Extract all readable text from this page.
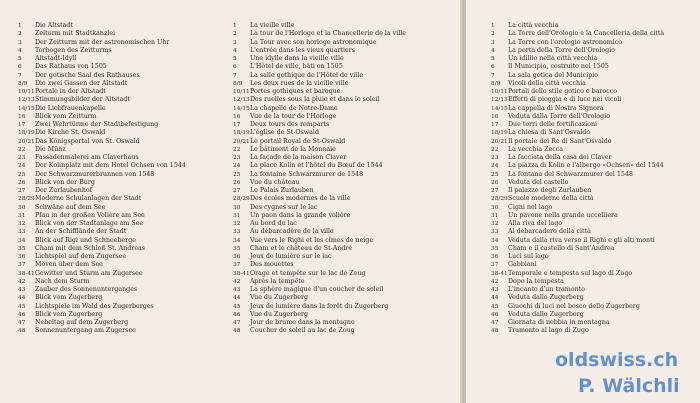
1 Die Altstadt
2 Zeiturm mit Stadtkanzlei
3 Der Zeitturm mit der astronomischen Uhr
4 Torbogen des Zeitturms
5 Altstadt-Idyll
6 Das Rathaus von 1505
7 Der gotische Saal des Rathauses
8/9 Die zwei Gassen der Altstadt
10/11Portale in der Altstadt
12/13Stimmungsbilder der Altstadt
14/15Die Liebfrauenkapelle
16 Blick vom Zeitturm
17 Zwei Wehrtürme der Stadtbefestigung
18/19Die Kirche St. Oswald
20/21Das Königsportal von St. Oswald
22 Die Münz
23 Fassadenmalerei am Claverhaus
24 Der Kolinplatz mit dem Hotel Ochsen von 1544
25 Der Schwarzmurerbrunnen von 1548
26 Blick von der Burg
27 Der Zurlaubenhof
28/29Moderne Schulanlagen der Stadt
30 Schwäne auf dem See
31 Pfau in der großen Volière am See
32 Blick von der Stadtanlage am See
33 An der Schifflände der Stadt
34 Blick auf Rigi und Schneeberge
35 Cham mit dem Schloß St. Andreas
36 Lichtspiel auf dem Zugersee
37 Möven über dem See
38-41Gewitter und Sturm am Zugersee
42 Nach dem Sturm
43 Zauber des Sonnenunterganges
44 Blick vom Zugerberg
45 Lichtspiele im Wald des Zugerberges
46 Blick vom Zugerberg
47 Nebeltag auf dem Zugerberg
48 Sonnenuntergang am Zugersee
1 La vieille ville
2 La tour de l'Horloge et la Chancellerie de la ville
3 La Tour avec son horloge astronomique
4 L'entrée dans les vieux quartiers
5 Une idylle dans la vieille ville
6 L'Hôtel de ville, bâti en 1505
7 La salle gothique de l'Hôtel de ville
8/9 Les deux rues de la vieille ville
10/11Portes gothiques et baroque
12/13Des ruelles sous la pluie et dans le soleil
14/15La chapelle de Notre-Dame
16 Vue de la tour de l'Horloge
17 Deux tours des remparts
18/19L'église de St-Oswald
20/21Le portail Royal de St-Oswald
22 Le bâtiment de la Monnaie
23 La façade de la maison Claver
24 La place Kolin et l'hôtel du Bœuf de 1544
25 La fontaine Schwarzmurer de 1548
26 Vue du château
27 Le Palais Zurlauben
28/29Des écoles modernes de la ville
30 Des cygnes sur le lac
31 Un paon dans la grande volière
32 Au bord du lac
33 Au débarcadère de la ville
34 Vue vers le Righi et les cîmes de neige
35 Cham et le château de St-André
36 Jeux de lumière sur le lac
37 Des mouettes
38-41Orage et tempête sur le lac de Zoug
42 Après la tempête
43 La sphère magique d'un coucher de soleil
44 Vue du Zugerberg
45 Jeux de lumière dans la forêt du Zugerberg
46 Vue du Zugerberg
47 Jour de brume dans la montagne
48 Coucher de soleil au lac de Zoug
1 La città vecchia
2 La Torre dell'Orologio e la Cancelleria della città
3 La Torre con l'orologio astronomico
4 La porta della Torre dell'Orologio
5 Un idillio nella città vecchia
6 Il Municipio, costruito nel 1505
7 La sala gotica del Municipio
8/9 Vicoli della città vecchia
10/11Portali dello stile gotico e barocco
12/13Effetti di pioggia e di luce nei vicoli
14/15La cappella di Nostra Signora
16 Veduta dalla Torre dell'Orologio
17 Due torri delle fortificazioni
18/19La chiesa di Sant'Osvaldo
20/21Il portale dei Re di Sant'Osvaldo
22 La vecchia Zecca
23 La facciata della casa dei Claver
24 La piazza di Kolin e l'albergo «Ochsen» del 1544
25 La fontana del Schwarzmurer del 1548
26 Veduta del castello
27 Il palazzo degli Zurlauben
28/29Scuole moderne della città
30 Cigni nel lago
31 Un pavone nella grande uccelliera
32 Alla riva del lago
33 Al debarcadero della città
34 Veduta dalla riva verso il Righi e gli alti monti
35 Cham e il castello di Sant'Andrea
36 Luci sul lago
37 Gabbiani
38-41Temporale e tempesta sul lago di Zugo
42 Dopo la tempesta
43 L'incanto d'un tramonto
44 Veduta dallo Zugerberg
45 Giuochi di luci nel bosco dello Zugerberg
46 Veduta dallo Zugerberg
47 Giornata di nebbia in montagna
48 Tramonto al lago di Zugo
oldswiss.ch
P. Wälchli
